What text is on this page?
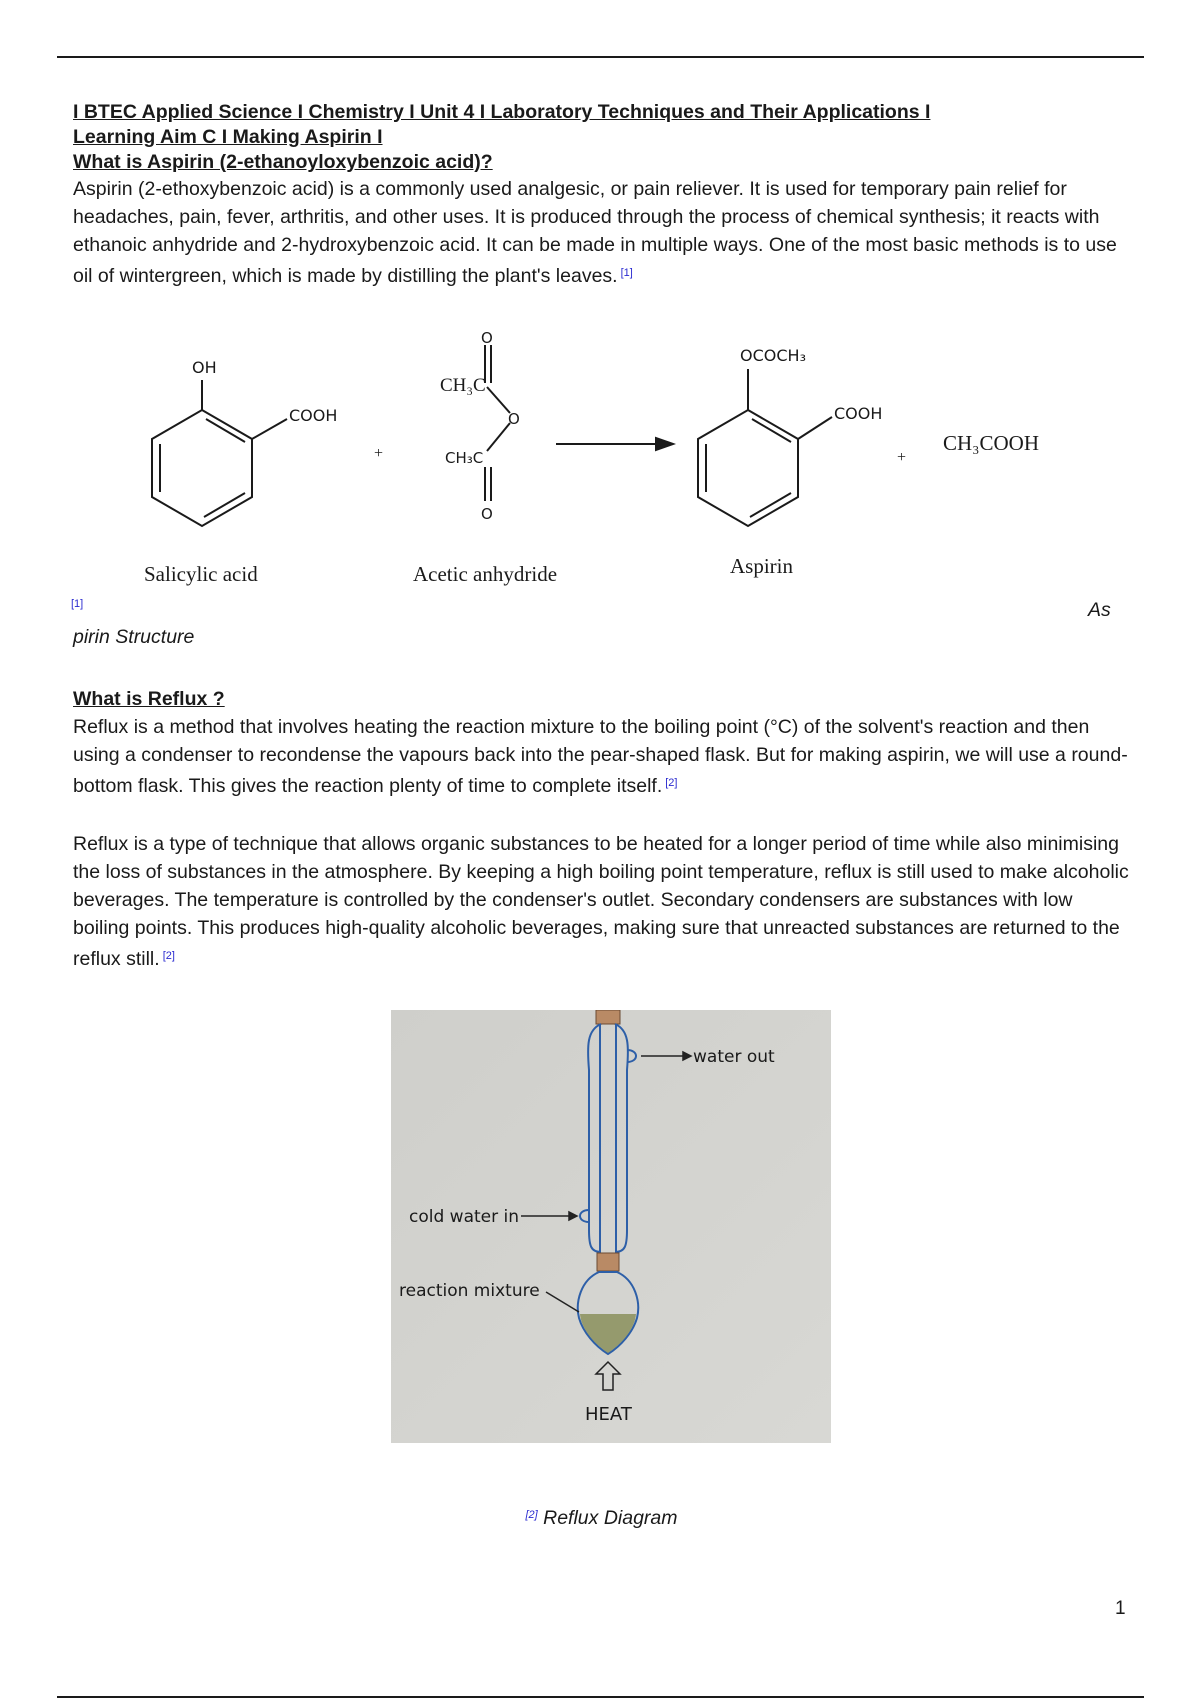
I BTEC Applied Science I Chemistry I Unit 4 I Laboratory Techniques and Their Applications I

Learning Aim C I Making Aspirin I

What is Aspirin (2-ethanoyloxybenzoic acid)?

Aspirin (2-ethoxybenzoic acid) is a commonly used analgesic, or pain reliever. It is used for temporary pain relief for headaches, pain, fever, arthritis, and other uses. It is produced through the process of chemical synthesis; it reacts with ethanoic anhydride and 2-hydroxybenzoic acid. It can be made in multiple ways. One of the most basic methods is to use oil of wintergreen, which is made by distilling the plant's leaves. [1]

OH
COOH
Salicylic acid
+
O
CH₃C
O
CH₃C
O
Acetic anhydride
OCOCH₃
COOH
Aspirin
+
CH₃COOH
[1]	As
pirin Structure

What is Reflux ?

Reflux is a method that involves heating the reaction mixture to the boiling point (°C) of the solvent's reaction and then using a condenser to recondense the vapours back into the pear-shaped flask. But for making aspirin, we will use a round-bottom flask. This gives the reaction plenty of time to complete itself. [2]

Reflux is a type of technique that allows organic substances to be heated for a longer period of time while also minimising the loss of substances in the atmosphere. By keeping a high boiling point temperature, reflux is still used to make alcoholic beverages. The temperature is controlled by the condenser's outlet. Secondary condensers are substances with low boiling points. This produces high-quality alcoholic beverages, making sure that unreacted substances are returned to the reflux still. [2]

water out
cold water in
reaction mixture
HEAT
[2] Reflux Diagram
1
